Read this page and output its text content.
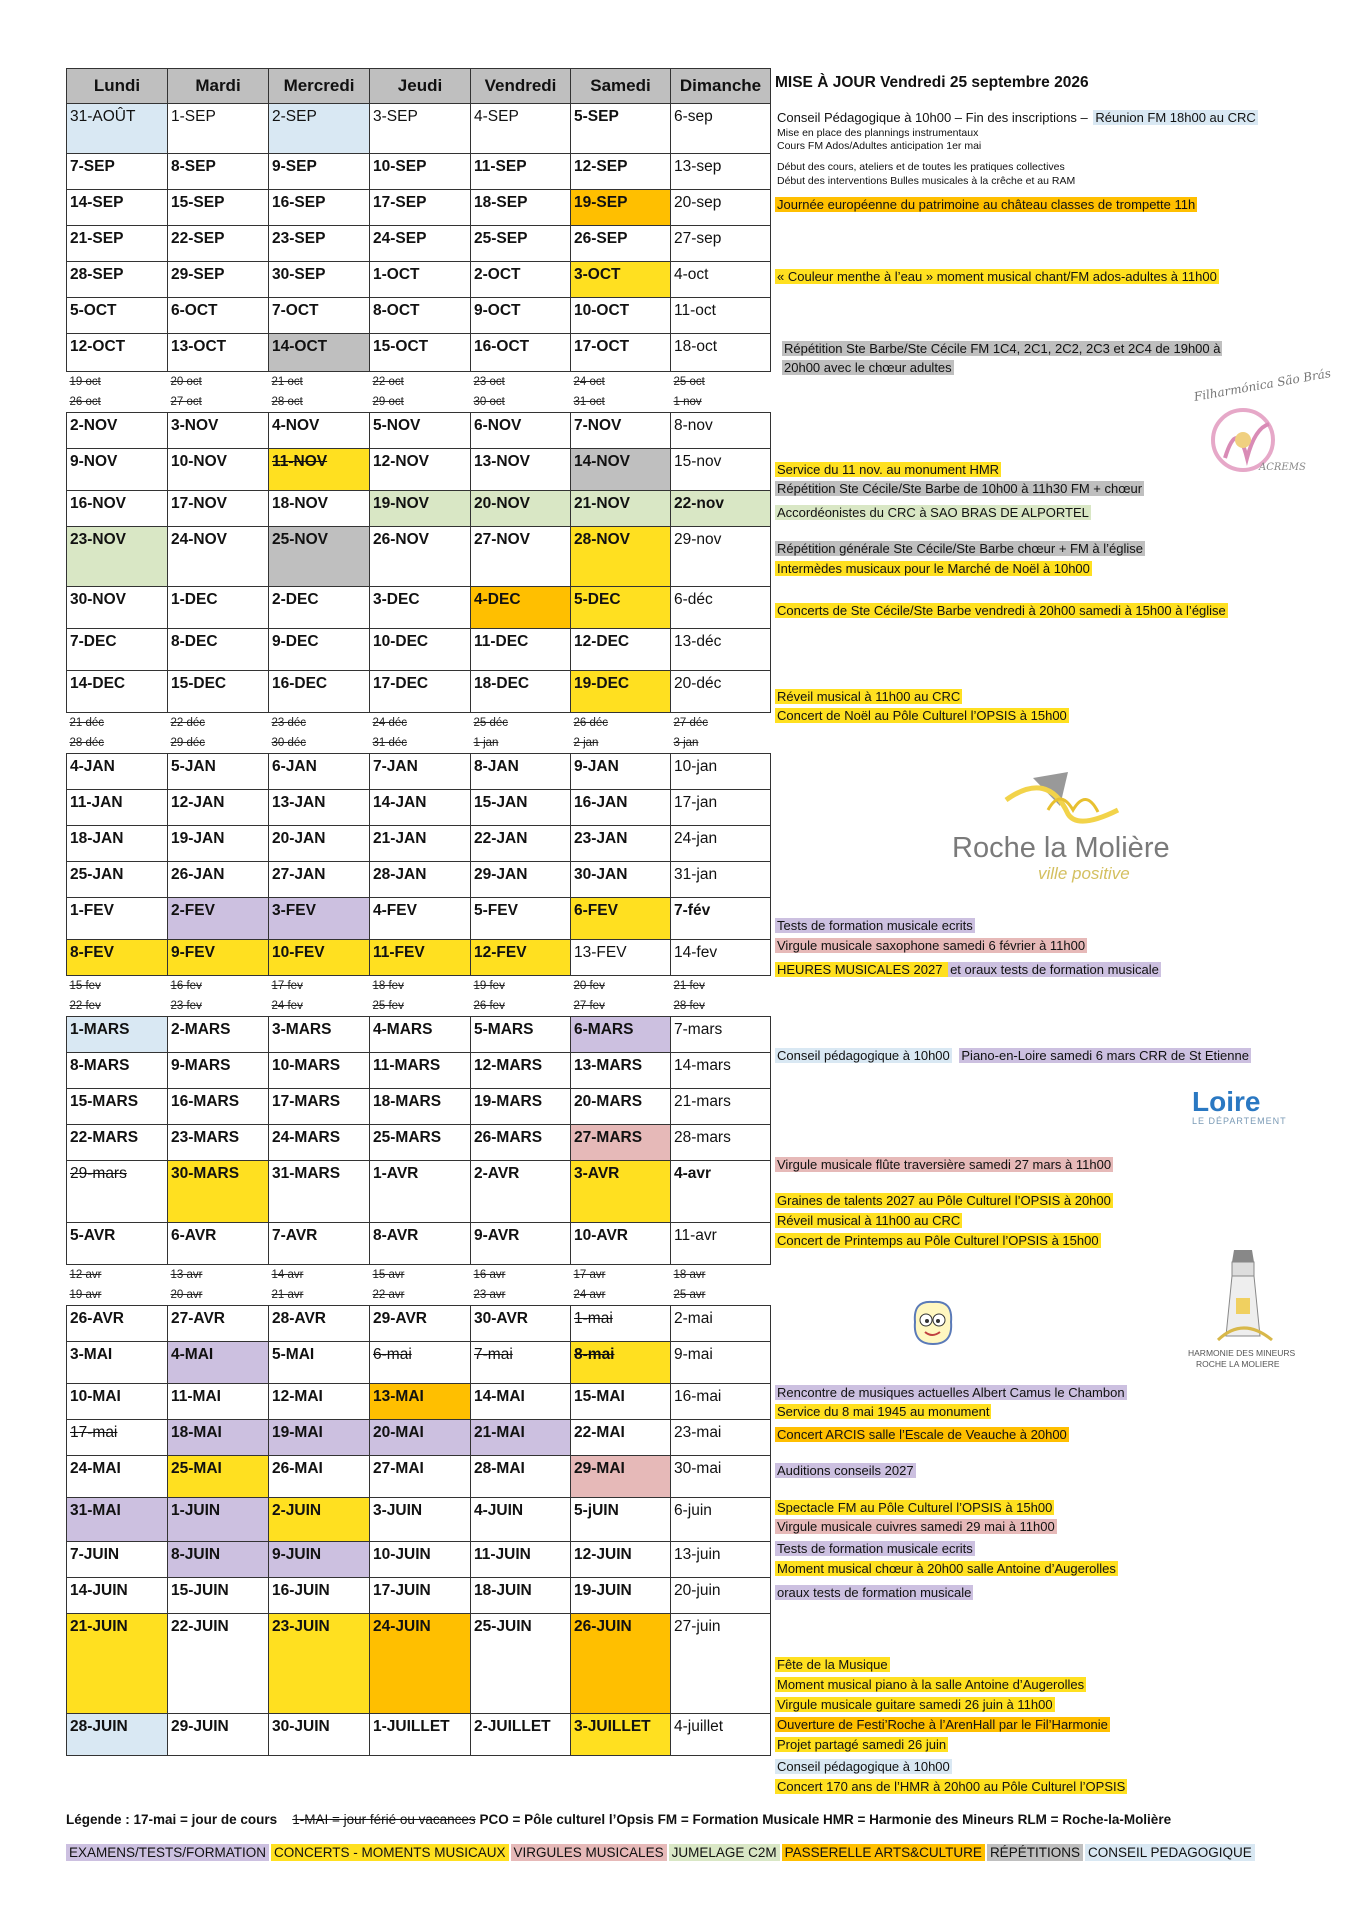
Lundi	Mardi	Mercredi	Jeudi	Vendredi	Samedi	Dimanche
31-AOÛT	1-SEP	2-SEP	3-SEP	4-SEP	5-SEP	6-sep
7-SEP	8-SEP	9-SEP	10-SEP	11-SEP	12-SEP	13-sep
14-SEP	15-SEP	16-SEP	17-SEP	18-SEP	19-SEP	20-sep
21-SEP	22-SEP	23-SEP	24-SEP	25-SEP	26-SEP	27-sep
28-SEP	29-SEP	30-SEP	1-OCT	2-OCT	3-OCT	4-oct
5-OCT	6-OCT	7-OCT	8-OCT	9-OCT	10-OCT	11-oct
12-OCT	13-OCT	14-OCT	15-OCT	16-OCT	17-OCT	18-oct
19 oct	20 oct	21 oct	22 oct	23 oct	24 oct	25 oct
26 oct	27 oct	28 oct	29 oct	30 oct	31 oct	1 nov
2-NOV	3-NOV	4-NOV	5-NOV	6-NOV	7-NOV	8-nov
9-NOV	10-NOV	11-NOV	12-NOV	13-NOV	14-NOV	15-nov
16-NOV	17-NOV	18-NOV	19-NOV	20-NOV	21-NOV	22-nov
23-NOV	24-NOV	25-NOV	26-NOV	27-NOV	28-NOV	29-nov
30-NOV	1-DEC	2-DEC	3-DEC	4-DEC	5-DEC	6-déc
7-DEC	8-DEC	9-DEC	10-DEC	11-DEC	12-DEC	13-déc
14-DEC	15-DEC	16-DEC	17-DEC	18-DEC	19-DEC	20-déc
21 déc	22 déc	23 déc	24 déc	25 déc	26 déc	27 déc
28 déc	29 déc	30 déc	31 déc	1 jan	2 jan	3 jan
4-JAN	5-JAN	6-JAN	7-JAN	8-JAN	9-JAN	10-jan
11-JAN	12-JAN	13-JAN	14-JAN	15-JAN	16-JAN	17-jan
18-JAN	19-JAN	20-JAN	21-JAN	22-JAN	23-JAN	24-jan
25-JAN	26-JAN	27-JAN	28-JAN	29-JAN	30-JAN	31-jan
1-FEV	2-FEV	3-FEV	4-FEV	5-FEV	6-FEV	7-fév
8-FEV	9-FEV	10-FEV	11-FEV	12-FEV	13-FEV	14-fev
15 fev	16 fev	17 fev	18 fev	19 fev	20 fev	21 fev
22 fev	23 fev	24 fev	25 fev	26 fev	27 fev	28 fev
1-MARS	2-MARS	3-MARS	4-MARS	5-MARS	6-MARS	7-mars
8-MARS	9-MARS	10-MARS	11-MARS	12-MARS	13-MARS	14-mars
15-MARS	16-MARS	17-MARS	18-MARS	19-MARS	20-MARS	21-mars
22-MARS	23-MARS	24-MARS	25-MARS	26-MARS	27-MARS	28-mars
29-mars	30-MARS	31-MARS	1-AVR	2-AVR	3-AVR	4-avr
5-AVR	6-AVR	7-AVR	8-AVR	9-AVR	10-AVR	11-avr
12 avr	13 avr	14 avr	15 avr	16 avr	17 avr	18 avr
19 avr	20 avr	21 avr	22 avr	23 avr	24 avr	25 avr
26-AVR	27-AVR	28-AVR	29-AVR	30-AVR	1-mai	2-mai
3-MAI	4-MAI	5-MAI	6-mai	7-mai	8-mai	9-mai
10-MAI	11-MAI	12-MAI	13-MAI	14-MAI	15-MAI	16-mai
17-mai	18-MAI	19-MAI	20-MAI	21-MAI	22-MAI	23-mai
24-MAI	25-MAI	26-MAI	27-MAI	28-MAI	29-MAI	30-mai
31-MAI	1-JUIN	2-JUIN	3-JUIN	4-JUIN	5-jUIN	6-juin
7-JUIN	8-JUIN	9-JUIN	10-JUIN	11-JUIN	12-JUIN	13-juin
14-JUIN	15-JUIN	16-JUIN	17-JUIN	18-JUIN	19-JUIN	20-juin
21-JUIN	22-JUIN	23-JUIN	24-JUIN	25-JUIN	26-JUIN	27-juin
28-JUIN	29-JUIN	30-JUIN	1-JUILLET	2-JUILLET	3-JUILLET	4-juillet
MISE À JOUR Vendredi 25 septembre 2026
Conseil Pédagogique à 10h00 – Fin des inscriptions – Réunion FM 18h00 au CRC
Mise en place des plannings instrumentaux
Cours FM Ados/Adultes anticipation 1er mai
Début des cours, ateliers et de toutes les pratiques collectives
Début des interventions Bulles musicales à la crêche et au RAM
Journée européenne du patrimoine au château classes de trompette 11h
« Couleur menthe à l’eau » moment musical chant/FM ados-adultes à 11h00
Répétition Ste Barbe/Ste Cécile FM 1C4, 2C1, 2C2, 2C3 et 2C4 de 19h00 à
20h00 avec le chœur adultes
Service du 11 nov. au monument HMR
Répétition Ste Cécile/Ste Barbe de 10h00 à 11h30 FM + chœur
Accordéonistes du CRC à SAO BRAS DE ALPORTEL
Répétition générale Ste Cécile/Ste Barbe chœur + FM à l’église
Intermèdes musicaux pour le Marché de Noël à 10h00
Concerts de Ste Cécile/Ste Barbe vendredi à 20h00 samedi à 15h00 à l’église
Réveil musical à 11h00 au CRC
Concert de Noël au Pôle Culturel l’OPSIS à 15h00
Tests de formation musicale ecrits
Virgule musicale saxophone samedi 6 février à 11h00
HEURES MUSICALES 2027 et oraux tests de formation musicale
Conseil pédagogique à 10h00 Piano-en-Loire samedi 6 mars CRR de St Etienne
Virgule musicale flûte traversière samedi 27 mars à 11h00
Graines de talents 2027 au Pôle Culturel l’OPSIS à 20h00
Réveil musical à 11h00 au CRC
Concert de Printemps au Pôle Culturel l’OPSIS à 15h00
Rencontre de musiques actuelles Albert Camus le Chambon
Service du 8 mai 1945 au monument
Concert ARCIS salle l’Escale de Veauche à 20h00
Auditions conseils 2027
Spectacle FM au Pôle Culturel l’OPSIS à 15h00
Virgule musicale cuivres samedi 29 mai à 11h00
Tests de formation musicale ecrits
Moment musical chœur à 20h00 salle Antoine d’Augerolles
oraux tests de formation musicale
Fête de la Musique
Moment musical piano à la salle Antoine d’Augerolles
Virgule musicale guitare samedi 26 juin à 11h00
Ouverture de Festi’Roche à l’ArenHall par le Fil’Harmonie
Projet partagé samedi 26 juin
Conseil pédagogique à 10h00
Concert 170 ans de l’HMR à 20h00 au Pôle Culturel l’OPSIS
Filharmónica São Brás
ACREMS
Roche la Molière
ville positive
Loire
LE DÉPARTEMENT
HARMONIE DES MINEURS
ROCHE LA MOLIERE
Légende : 17-mai = jour de cours 1-MAI = jour férié ou vacances PCO = Pôle culturel l’Opsis FM = Formation Musicale HMR = Harmonie des Mineurs RLM = Roche-la-Molière
EXAMENS/TESTS/FORMATION CONCERTS - MOMENTS MUSICAUX VIRGULES MUSICALES JUMELAGE C2M PASSERELLE ARTS&CULTURE RÉPÉTITIONS CONSEIL PEDAGOGIQUE
